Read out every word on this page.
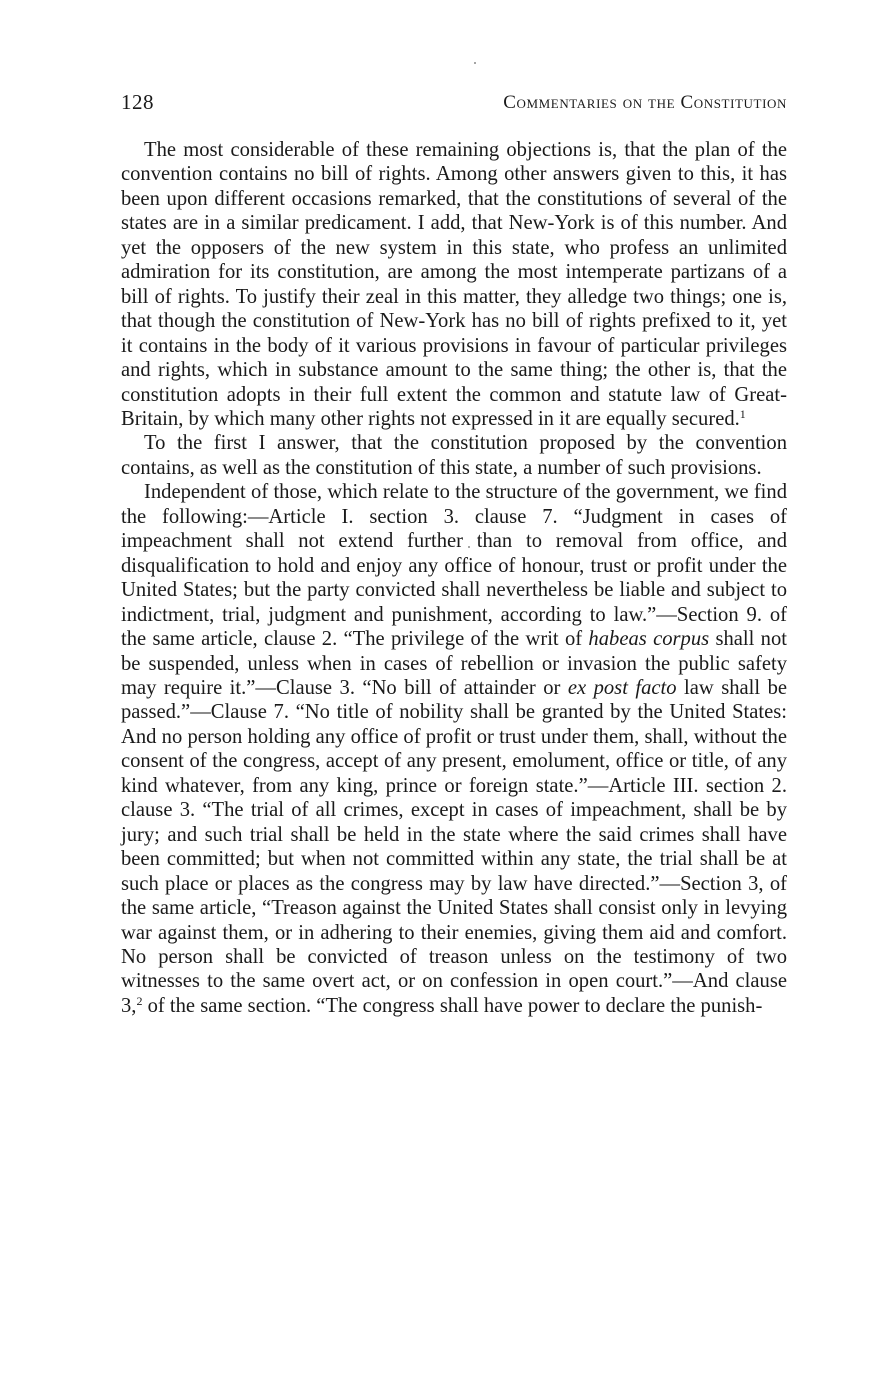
128	Commentaries on the Constitution

The most considerable of these remaining objections is, that the plan of the convention contains no bill of rights. Among other answers given to this, it has been upon different occasions remarked, that the constitutions of several of the states are in a similar predicament. I add, that New-York is of this number. And yet the opposers of the new system in this state, who profess an unlimited admiration for its constitution, are among the most intemperate partizans of a bill of rights. To justify their zeal in this matter, they alledge two things; one is, that though the constitution of New-York has no bill of rights prefixed to it, yet it contains in the body of it various provisions in favour of particular privileges and rights, which in substance amount to the same thing; the other is, that the constitution adopts in their full extent the common and statute law of Great-Britain, by which many other rights not expressed in it are equally secured.$^1$

To the first I answer, that the constitution proposed by the convention contains, as well as the constitution of this state, a number of such provisions.

Independent of those, which relate to the structure of the government, we find the following:—Article I. section 3. clause 7. “Judgment in cases of impeachment shall not extend further than to removal from office, and disqualification to hold and enjoy any office of honour, trust or profit under the United States; but the party convicted shall nevertheless be liable and subject to indictment, trial, judgment and punishment, according to law.”—Section 9. of the same article, clause 2. “The privilege of the writ of habeas corpus shall not be suspended, unless when in cases of rebellion or invasion the public safety may require it.”—Clause 3. “No bill of attainder or ex post facto law shall be passed.”—Clause 7. “No title of nobility shall be granted by the United States: And no person holding any office of profit or trust under them, shall, without the consent of the congress, accept of any present, emolument, office or title, of any kind whatever, from any king, prince or foreign state.”—Article III. section 2. clause 3. “The trial of all crimes, except in cases of impeachment, shall be by jury; and such trial shall be held in the state where the said crimes shall have been committed; but when not committed within any state, the trial shall be at such place or places as the congress may by law have directed.”—Section 3, of the same article, “Treason against the United States shall consist only in levying war against them, or in adhering to their enemies, giving them aid and comfort. No person shall be convicted of treason unless on the testimony of two witnesses to the same overt act, or on confession in open court.”—And clause 3,$^2$ of the same section. “The congress shall have power to declare the punish-
